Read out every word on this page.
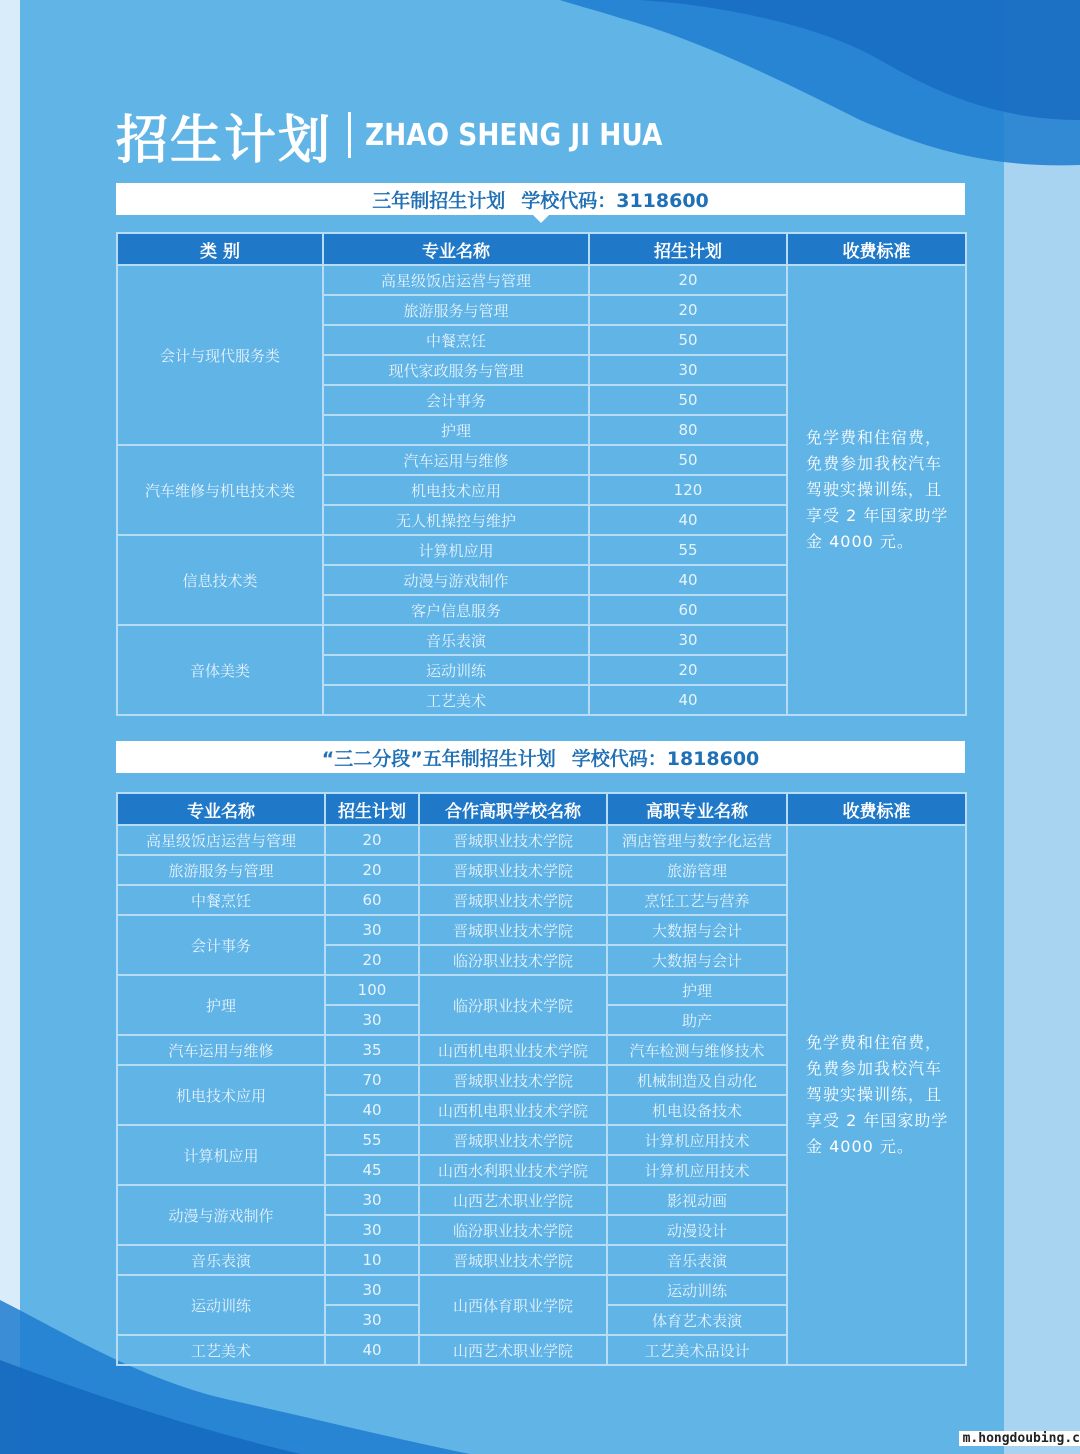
招生计划 ZHAO SHENG JI HUA
三年制招生计划 学校代码：3118600
类 别	专业名称	招生计划	收费标准
会计与现代服务类	高星级饭店运营与管理	20	免学费和住宿费，免费参加我校汽车驾驶实操训练，且享受 2 年国家助学金 4000 元。
	旅游服务与管理	20	
	中餐烹饪	50	
	现代家政服务与管理	30	
	会计事务	50	
	护理	80	
汽车维修与机电技术类	汽车运用与维修	50	
	机电技术应用	120	
	无人机操控与维护	40	
信息技术类	计算机应用	55	
	动漫与游戏制作	40	
	客户信息服务	60	
音体美类	音乐表演	30	
	运动训练	20	
	工艺美术	40	
“三二分段”五年制招生计划 学校代码：1818600
专业名称	招生计划	合作高职学校名称	高职专业名称	收费标准
高星级饭店运营与管理	20	晋城职业技术学院	酒店管理与数字化运营	免学费和住宿费，免费参加我校汽车驾驶实操训练，且享受 2 年国家助学金 4000 元。
旅游服务与管理	20	晋城职业技术学院	旅游管理	
中餐烹饪	60	晋城职业技术学院	烹饪工艺与营养	
会计事务	30	晋城职业技术学院	大数据与会计	
	20	临汾职业技术学院	大数据与会计	
护理	100	临汾职业技术学院	护理	
	30		助产	
汽车运用与维修	35	山西机电职业技术学院	汽车检测与维修技术	
机电技术应用	70	晋城职业技术学院	机械制造及自动化	
	40	山西机电职业技术学院	机电设备技术	
计算机应用	55	晋城职业技术学院	计算机应用技术	
	45	山西水利职业技术学院	计算机应用技术	
动漫与游戏制作	30	山西艺术职业学院	影视动画	
	30	临汾职业技术学院	动漫设计	
音乐表演	10	晋城职业技术学院	音乐表演	
运动训练	30	山西体育职业学院	运动训练	
	30		体育艺术表演	
工艺美术	40	山西艺术职业学院	工艺美术品设计	
m.hongdoubing.c
